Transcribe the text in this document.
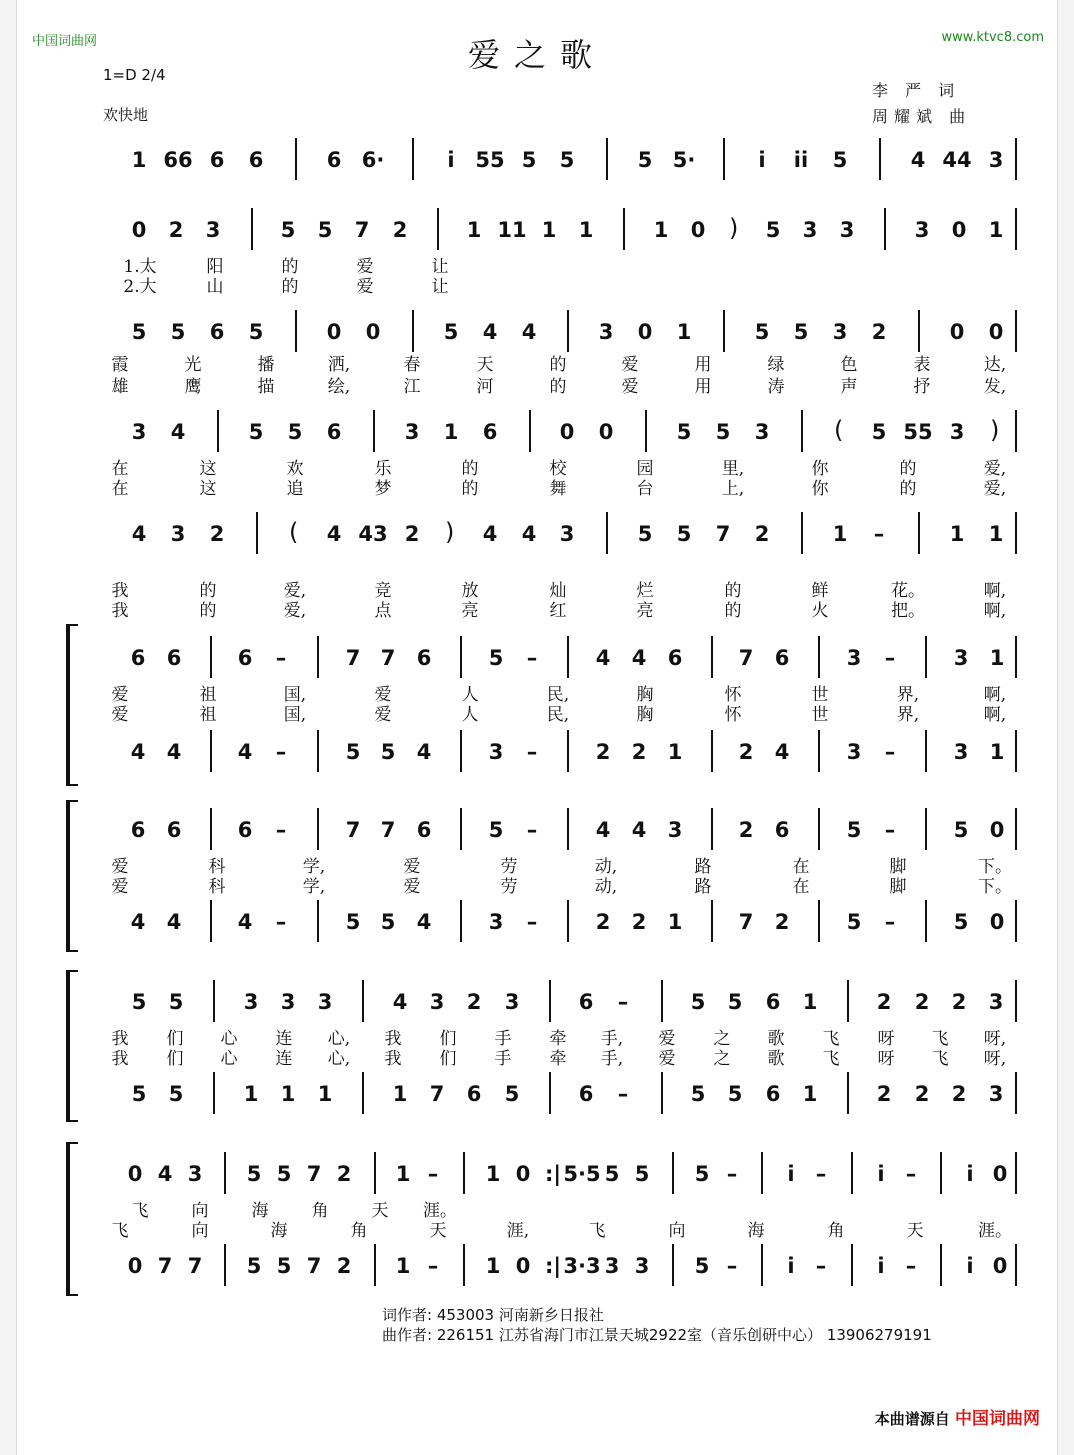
中国词曲网	www.ktvc8.com
爱之歌
1=D 2/4
欢快地
李 严 词
周耀斌 曲
1 66 6 6	6 6·	i 55 5 5	5 5·	i ii 5	4 44 3
0 2 3	5 5 7 2	1 11 1 1	1 0 ) 5 3 3	3 0 1
5 5 6 5	0 0	5 4 4	3 0 1	5 5 3 2	0 0
3 4	5 5 6	3 1 6	0 0	5 5 3	( 5 55 3 )
4 3 2	( 4 43 2 ) 4 4 3	5 5 7 2	1 –	1 1
6 6	6 –	7 7 6	5 –	4 4 6	7 6	3 –	3 1
4 4	4 –	5 5 4	3 –	2 2 1	2 4	3 –	3 1
6 6	6 –	7 7 6	5 –	4 4 3	2 6	5 –	5 0
4 4	4 –	5 5 4	3 –	2 2 1	7 2	5 –	5 0
5 5	3 3 3	4 3 2 3	6 –	5 5 6 1	2 2 2 3
5 5	1 1 1	1 7 6 5	6 –	5 5 6 1	2 2 2 3
0 4 3 5 5 7 2 1 – 1 0 :| 5·5 5 5 5 – i – i – i 0
0 7 7 5 5 7 2 1 – 1 0 :| 3·3 3 3 5 – i – i – i 0
1.太	阳	的	爱	让
2.大	山	的	爱	让
霞	光	播	洒,	春	天	的	爱	用	绿	色	表	达,
雄	鹰	描	绘,	江	河	的	爱	用	涛	声	抒	发,
在	这	欢	乐	的	校	园	里,	你	的	爱,
在	这	追	梦	的	舞	台	上,	你	的	爱,
我	的	爱,	竞	放	灿	烂	的	鲜	花。	啊,
我	的	爱,	点	亮	红	亮	的	火	把。	啊,
爱	祖	国,	爱	人	民,	胸	怀	世	界,	啊,
爱	祖	国,	爱	人	民,	胸	怀	世	界,	啊,
爱	科	学,	爱	劳	动,	路	在	脚	下。
爱	科	学,	爱	劳	动,	路	在	脚	下。
我 们 心 连 心, 我 们 手 牵 手, 爱 之 歌 飞 呀 飞 呀,
我 们 心 连 心, 我 们 手 牵 手, 爱 之 歌 飞 呀 飞 呀,
飞	向	海	角	天 涯。
飞	向	海	角	天	涯,	飞	向	海	角	天	涯。
词作者: 453003 河南新乡日报社
曲作者: 226151 江苏省海门市江景天城2922室（音乐创研中心） 13906279191
本曲谱源自 中国词曲网
